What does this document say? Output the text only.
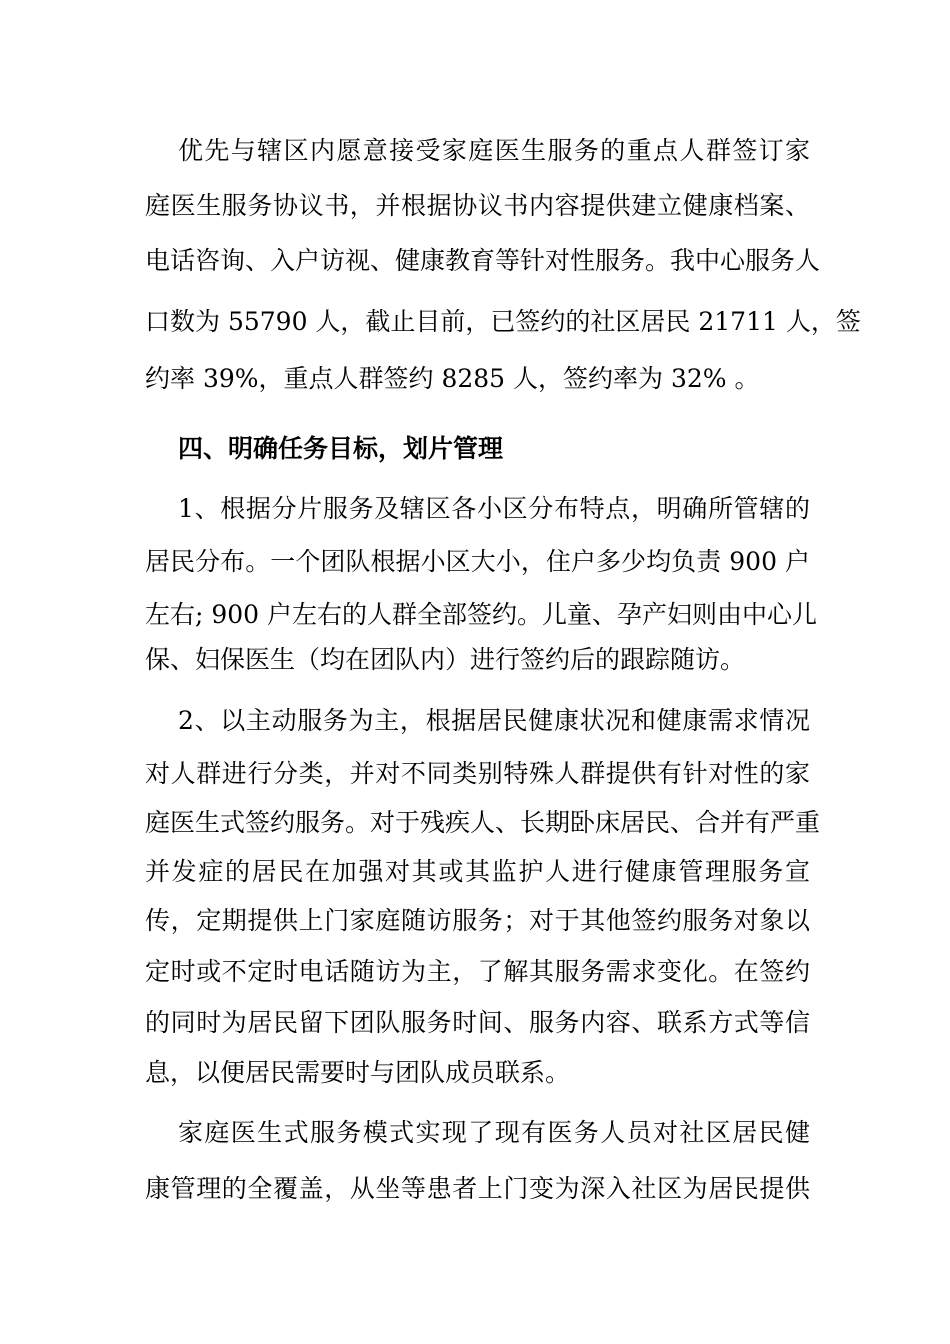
优先与辖区内愿意接受家庭医生服务的重点人群签订家
庭医生服务协议书，并根据协议书内容提供建立健康档案、
电话咨询、入户访视、健康教育等针对性服务。我中心服务人
口数为 55790 人，截止目前，已签约的社区居民 21711 人，签
约率 39%，重点人群签约 8285 人，签约率为 32% 。
四、明确任务目标，划片管理
1、根据分片服务及辖区各小区分布特点，明确所管辖的
居民分布。一个团队根据小区大小，住户多少均负责 900 户
左右; 900 户左右的人群全部签约。儿童、孕产妇则由中心儿
保、妇保医生（均在团队内）进行签约后的跟踪随访。
2、以主动服务为主，根据居民健康状况和健康需求情况
对人群进行分类，并对不同类别特殊人群提供有针对性的家
庭医生式签约服务。对于残疾人、长期卧床居民、合并有严重
并发症的居民在加强对其或其监护人进行健康管理服务宣
传，定期提供上门家庭随访服务；对于其他签约服务对象以
定时或不定时电话随访为主，了解其服务需求变化。在签约
的同时为居民留下团队服务时间、服务内容、联系方式等信
息，以便居民需要时与团队成员联系。
家庭医生式服务模式实现了现有医务人员对社区居民健
康管理的全覆盖，从坐等患者上门变为深入社区为居民提供
